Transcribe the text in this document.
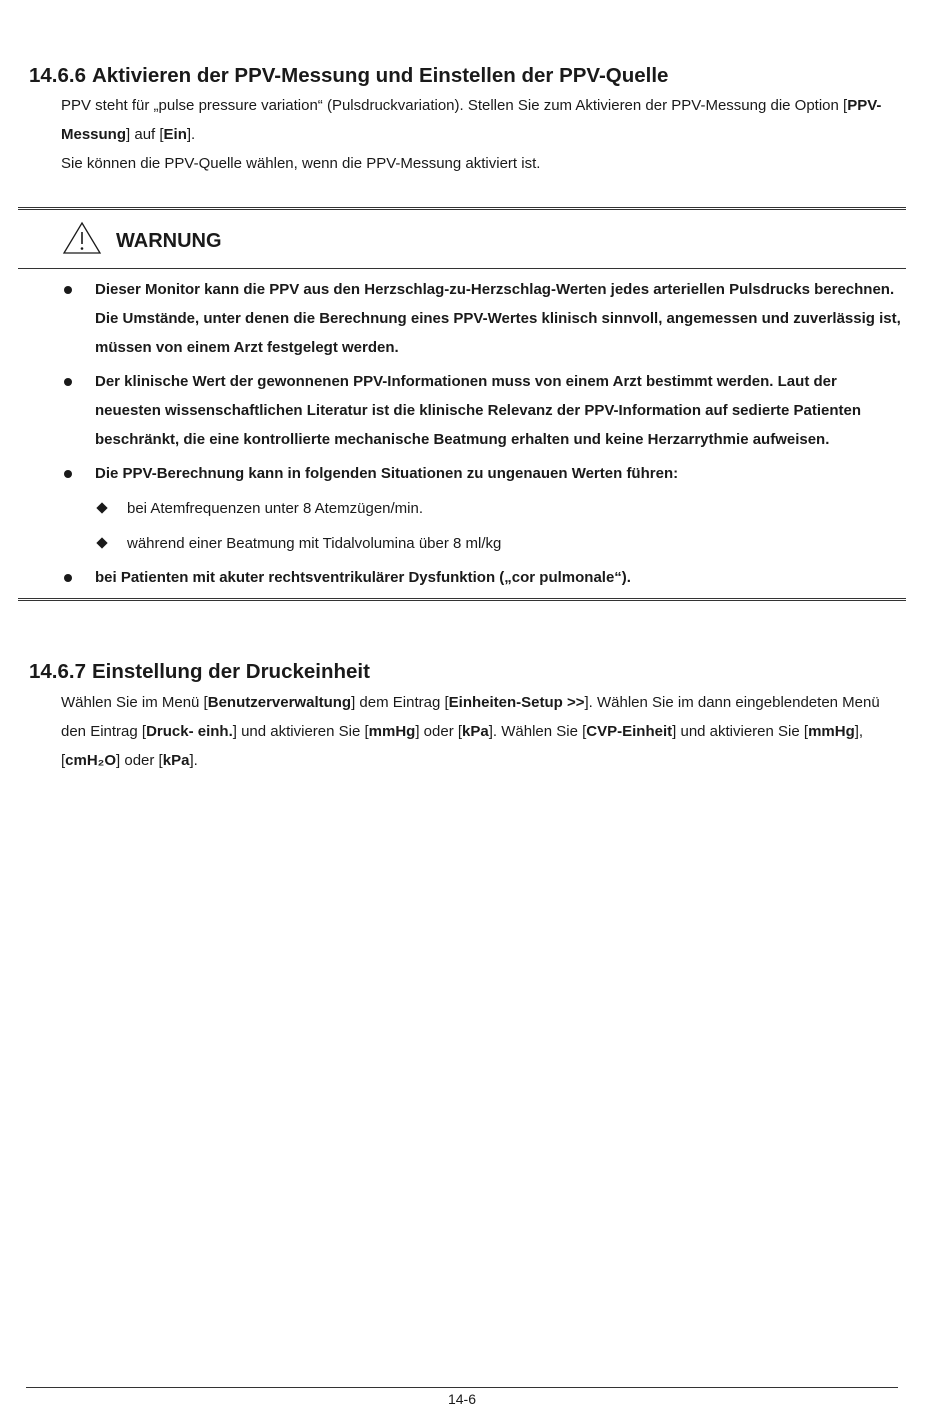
14.6.6 Aktivieren der PPV-Messung und Einstellen der PPV-Quelle
PPV steht für „pulse pressure variation“ (Pulsdruckvariation). Stellen Sie zum Aktivieren der PPV-Messung die Option [PPV-Messung] auf [Ein].
Sie können die PPV-Quelle wählen, wenn die PPV-Messung aktiviert ist.
WARNUNG
Dieser Monitor kann die PPV aus den Herzschlag-zu-Herzschlag-Werten jedes arteriellen Pulsdrucks berechnen. Die Umstände, unter denen die Berechnung eines PPV-Wertes klinisch sinnvoll, angemessen und zuverlässig ist, müssen von einem Arzt festgelegt werden.
Der klinische Wert der gewonnenen PPV-Informationen muss von einem Arzt bestimmt werden. Laut der neuesten wissenschaftlichen Literatur ist die klinische Relevanz der PPV-Information auf sedierte Patienten beschränkt, die eine kontrollierte mechanische Beatmung erhalten und keine Herzarrythmie aufweisen.
Die PPV-Berechnung kann in folgenden Situationen zu ungenauen Werten führen:
bei Atemfrequenzen unter 8 Atemzügen/min.
während einer Beatmung mit Tidalvolumina über 8 ml/kg
bei Patienten mit akuter rechtsventrikulärer Dysfunktion („cor pulmonale“).
14.6.7 Einstellung der Druckeinheit
Wählen Sie im Menü [Benutzerverwaltung] dem Eintrag [Einheiten-Setup >>]. Wählen Sie im dann eingeblendeten Menü den Eintrag [Druck- einh.] und aktivieren Sie [mmHg] oder [kPa]. Wählen Sie [CVP-Einheit] und aktivieren Sie [mmHg], [cmH₂O] oder [kPa].
14-6
